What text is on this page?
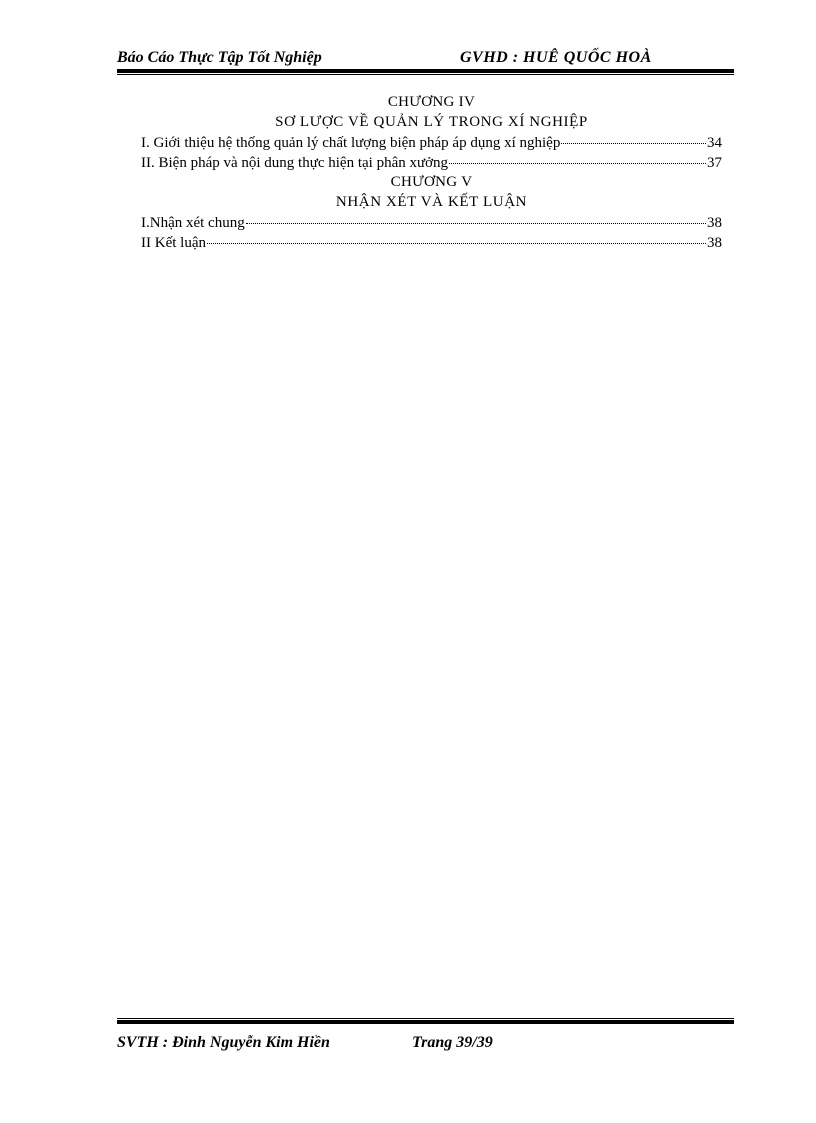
Báo Cáo Thực Tập Tốt Nghiệp	GVHD : HUÊ QUỐC HOÀ
CHƯƠNG IV
SƠ LƯỢC VỀ QUẢN LÝ TRONG XÍ NGHIỆP
I. Giới thiệu hệ thống quản lý chất lượng biện pháp áp dụng xí nghiệp	34
II. Biện pháp và nội dung thực hiện tại phân xưởng	37
CHƯƠNG V
NHẬN XÉT VÀ KẾT LUẬN
I.Nhận xét chung	38
II Kết luận	38
SVTH : Đinh Nguyễn Kim Hiền	Trang 39/39
